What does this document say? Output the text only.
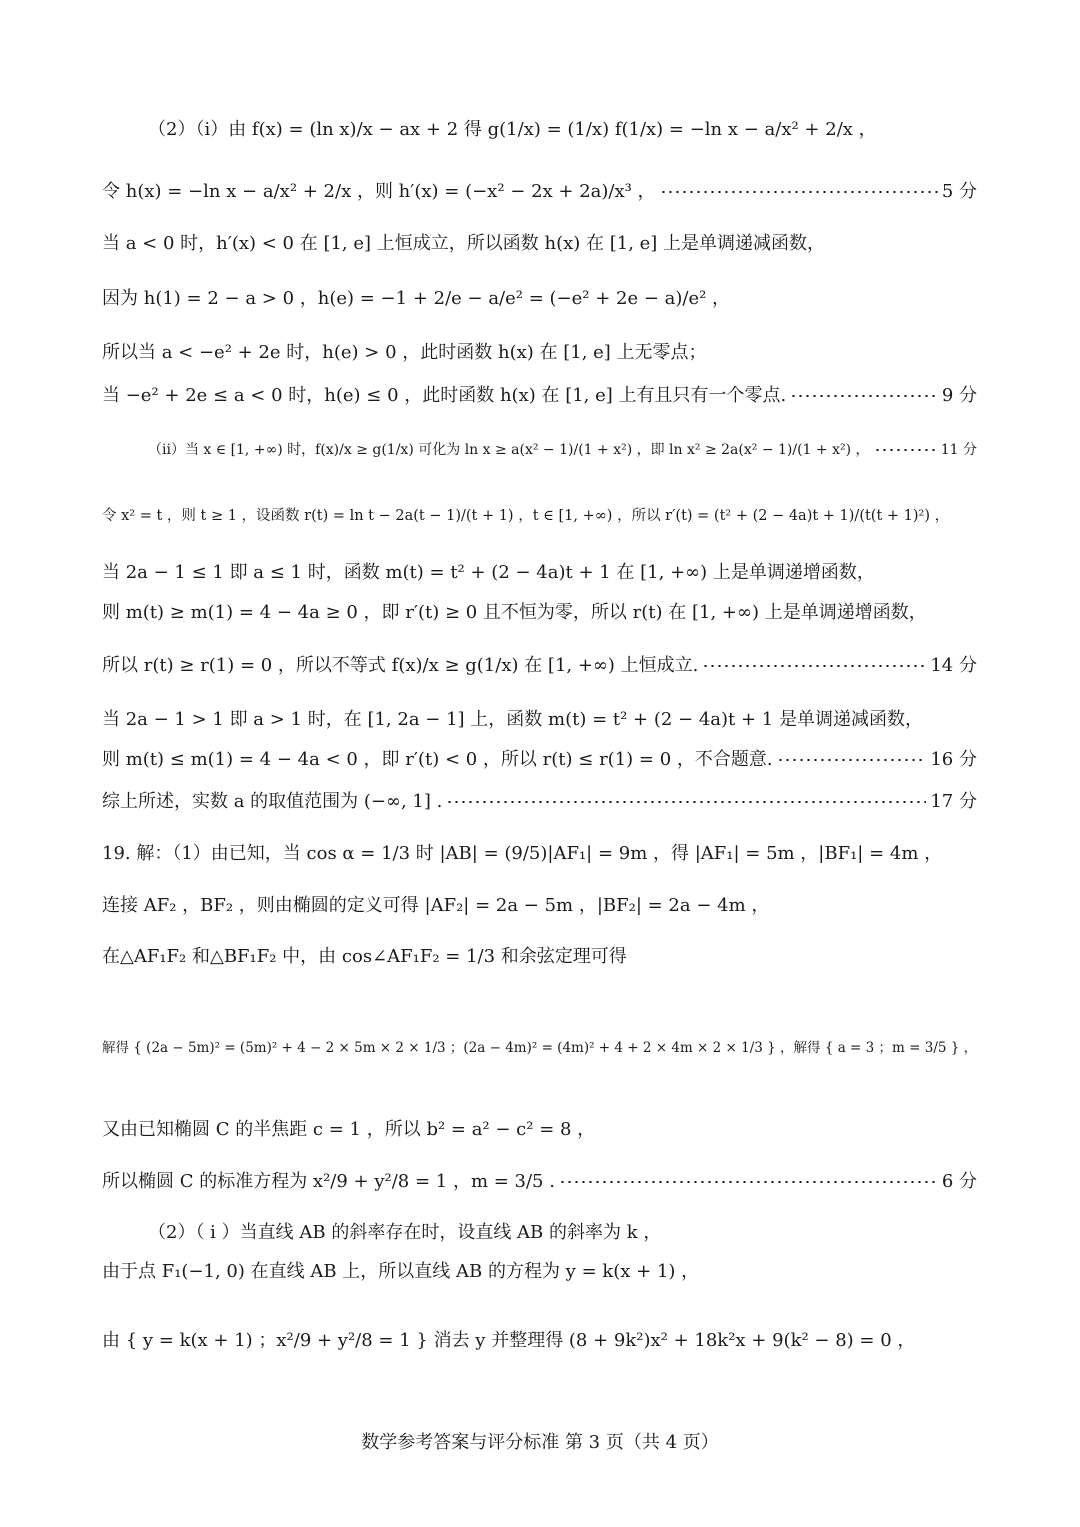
（2）（i）由 f(x) = (ln x)/x − ax + 2 得 g(1/x) = (1/x) f(1/x) = −ln x − a/x² + 2/x ，
令 h(x) = −ln x − a/x² + 2/x ，则 h′(x) = (−x² − 2x + 2a)/x³ ，	5 分
当 a < 0 时，h′(x) < 0 在 [1, e] 上恒成立，所以函数 h(x) 在 [1, e] 上是单调递减函数，
因为 h(1) = 2 − a > 0 ，h(e) = −1 + 2/e − a/e² = (−e² + 2e − a)/e² ，
所以当 a < −e² + 2e 时，h(e) > 0 ，此时函数 h(x) 在 [1, e] 上无零点；
当 −e² + 2e ≤ a < 0 时，h(e) ≤ 0 ，此时函数 h(x) 在 [1, e] 上有且只有一个零点.	9 分
（ii）当 x ∈ [1, +∞) 时，f(x)/x ≥ g(1/x) 可化为 ln x ≥ a(x² − 1)/(1 + x²) ，即 ln x² ≥ 2a(x² − 1)/(1 + x²) ，	11 分
令 x² = t ，则 t ≥ 1 ，设函数 r(t) = ln t − 2a(t − 1)/(t + 1) ，t ∈ [1, +∞) ，所以 r′(t) = (t² + (2 − 4a)t + 1)/(t(t + 1)²) ，
当 2a − 1 ≤ 1 即 a ≤ 1 时，函数 m(t) = t² + (2 − 4a)t + 1 在 [1, +∞) 上是单调递增函数，
则 m(t) ≥ m(1) = 4 − 4a ≥ 0 ，即 r′(t) ≥ 0 且不恒为零，所以 r(t) 在 [1, +∞) 上是单调递增函数，
所以 r(t) ≥ r(1) = 0 ，所以不等式 f(x)/x ≥ g(1/x) 在 [1, +∞) 上恒成立.	14 分
当 2a − 1 > 1 即 a > 1 时，在 [1, 2a − 1] 上，函数 m(t) = t² + (2 − 4a)t + 1 是单调递减函数，
则 m(t) ≤ m(1) = 4 − 4a < 0 ，即 r′(t) < 0 ，所以 r(t) ≤ r(1) = 0 ，不合题意.	16 分
综上所述，实数 a 的取值范围为 (−∞, 1] .	17 分
19. 解：（1）由已知，当 cos α = 1/3 时 |AB| = (9/5)|AF₁| = 9m ，得 |AF₁| = 5m ，|BF₁| = 4m ，
连接 AF₂ ，BF₂ ，则由椭圆的定义可得 |AF₂| = 2a − 5m ，|BF₂| = 2a − 4m ，
在△AF₁F₂ 和△BF₁F₂ 中，由 cos∠AF₁F₂ = 1/3 和余弦定理可得
解得 { (2a − 5m)² = (5m)² + 4 − 2 × 5m × 2 × 1/3 ；(2a − 4m)² = (4m)² + 4 + 2 × 4m × 2 × 1/3 } ，解得 { a = 3 ；m = 3/5 } ，
又由已知椭圆 C 的半焦距 c = 1 ，所以 b² = a² − c² = 8 ，
所以椭圆 C 的标准方程为 x²/9 + y²/8 = 1 ，m = 3/5 .	6 分
（2）（ i ）当直线 AB 的斜率存在时，设直线 AB 的斜率为 k ，
由于点 F₁(−1, 0) 在直线 AB 上，所以直线 AB 的方程为 y = k(x + 1) ，
由 { y = k(x + 1) ；x²/9 + y²/8 = 1 } 消去 y 并整理得 (8 + 9k²)x² + 18k²x + 9(k² − 8) = 0 ，
数学参考答案与评分标准 第 3 页（共 4 页）
